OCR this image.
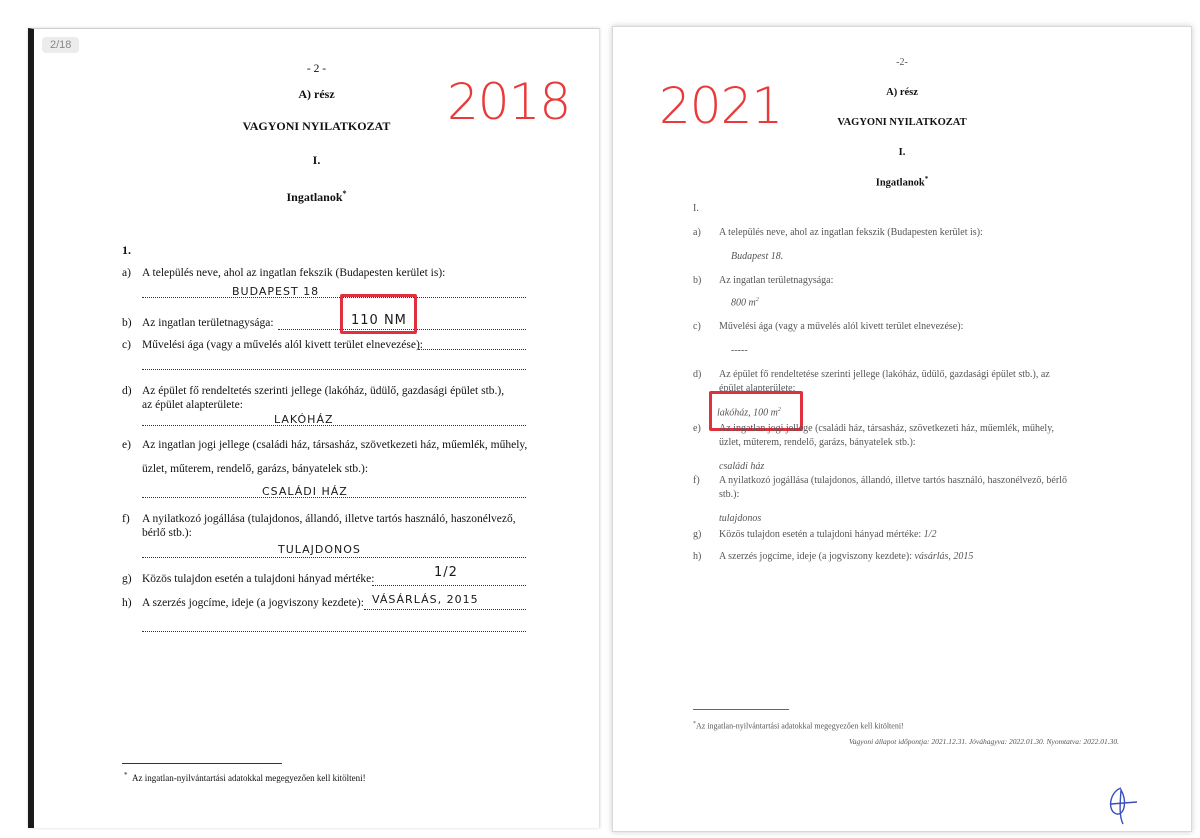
2/18
- 2 -
2018
A) rész
VAGYONI NYILATKOZAT
I.
Ingatlanok*
1.
a) A település neve, ahol az ingatlan fekszik (Budapesten kerület is):
BUDAPEST 18
b) Az ingatlan területnagysága:	110 NM
c) Művelési ága (vagy a művelés alól kivett terület elnevezése):
d) Az épület fő rendeltetés szerinti jellege (lakóház, üdülő, gazdasági épület stb.),
az épület alapterülete:
LAKÓHÁZ
e) Az ingatlan jogi jellege (családi ház, társasház, szövetkezeti ház, műemlék, műhely,
üzlet, műterem, rendelő, garázs, bányatelek stb.):
CSALÁDI HÁZ
f) A nyilatkozó jogállása (tulajdonos, állandó, illetve tartós használó, haszonélvező,
bérlő stb.):
TULAJDONOS
g) Közös tulajdon esetén a tulajdoni hányad mértéke:	1/2
h) A szerzés jogcíme, ideje (a jogviszony kezdete): VÁSÁRLÁS, 2015
* Az ingatlan-nyilvántartási adatokkal megegyezően kell kitölteni!
-2-
2021	A) rész
VAGYONI NYILATKOZAT
I.
Ingatlanok*
I.
a) A település neve, ahol az ingatlan fekszik (Budapesten kerület is):
Budapest 18.
b) Az ingatlan területnagysága:
800 $m^2$
c) Művelési ága (vagy a művelés alól kivett terület elnevezése):
-----
d) Az épület fő rendeltetése szerinti jellege (lakóház, üdülő, gazdasági épület stb.), az
épület alapterülete:
lakóház, 100 $m^2$
e) Az ingatlan jogi jellege (családi ház, társasház, szövetkezeti ház, műemlék, műhely,
üzlet, műterem, rendelő, garázs, bányatelek stb.):
családi ház
f) A nyilatkozó jogállása (tulajdonos, állandó, illetve tartós használó, haszonélvező, bérlő
stb.):
tulajdonos
g) Közös tulajdon esetén a tulajdoni hányad mértéke: 1/2
h) A szerzés jogcíme, ideje (a jogviszony kezdete): vásárlás, 2015
*Az ingatlan-nyilvántartási adatokkal megegyezően kell kitölteni!
Vagyoni állapot időpontja: 2021.12.31. Jóváhagyva: 2022.01.30. Nyomtatva: 2022.01.30.
